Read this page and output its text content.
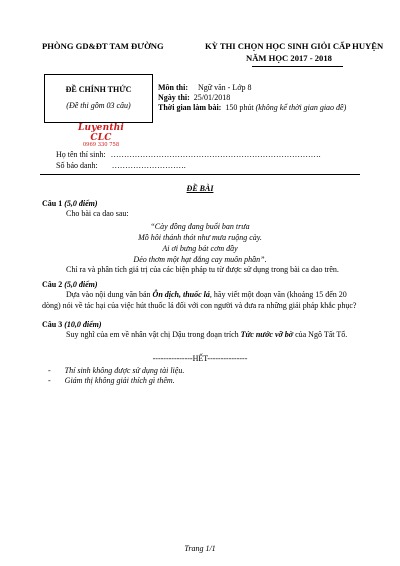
PHÒNG GD&ĐT TAM ĐƯỜNG	KỲ THI CHỌN HỌC SINH GIỎI CẤP HUYỆN
NĂM HỌC 2017 - 2018
ĐỀ CHÍNH THỨC
(Đề thi gồm 03 câu)
Luyenthi CLC
0969 330 758
Môn thi: Ngữ văn - Lớp 8
Ngày thi: 25/01/2018
Thời gian làm bài: 150 phút (không kể thời gian giao đề)
Họ tên thí sinh: …………………………………………………………………….
Số báo danh: ……………………….
ĐỀ BÀI
Câu 1 (5,0 điểm)
Cho bài ca dao sau:
“Cày đồng đang buổi ban trưa
Mồ hôi thánh thót như mưa ruộng cày.
Ai ơi bưng bát cơm đầy
Dẻo thơm một hạt đắng cay muôn phần”.
Chỉ ra và phân tích giá trị của các biện pháp tu từ được sử dụng trong bài ca dao trên.
Câu 2 (5,0 điểm)
Dựa vào nội dung văn bản Ôn dịch, thuốc lá, hãy viết một đoạn văn (khoảng 15 đến 20 dòng) nói về tác hại của việc hút thuốc lá đối với con người và đưa ra những giải pháp khắc phục?
Câu 3 (10,0 điểm)
Suy nghĩ của em về nhân vật chị Dậu trong đoạn trích Tức nước vỡ bờ của Ngô Tất Tố.
---------------HẾT---------------
- Thí sinh không được sử dụng tài liệu.
- Giám thị không giải thích gì thêm.
Trang 1/1
